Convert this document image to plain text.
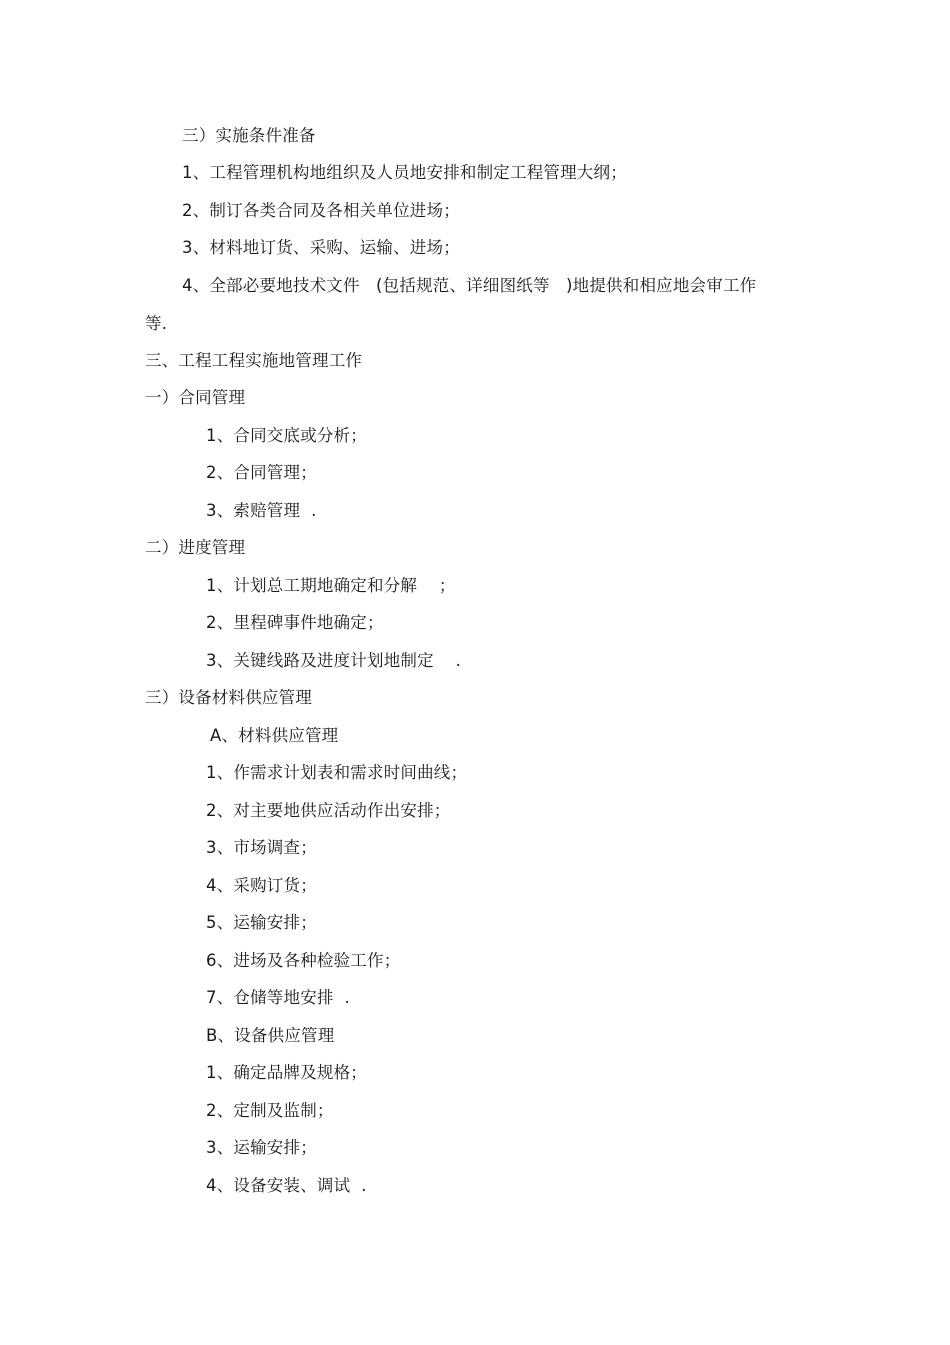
三）实施条件准备
1、工程管理机构地组织及人员地安排和制定工程管理大纲；
2、制订各类合同及各相关单位进场；
3、材料地订货、采购、运输、进场；
4、全部必要地技术文件   (包括规范、详细图纸等   )地提供和相应地会审工作
等.
三、工程工程实施地管理工作
一）合同管理
1、合同交底或分析；
2、合同管理；
3、索赔管理  .
二）进度管理
1、计划总工期地确定和分解    ；
2、里程碑事件地确定；
3、关键线路及进度计划地制定    .
三）设备材料供应管理
A、材料供应管理
1、作需求计划表和需求时间曲线；
2、对主要地供应活动作出安排；
3、市场调查；
4、采购订货；
5、运输安排；
6、进场及各种检验工作；
7、仓储等地安排  .
B、设备供应管理
1、确定品牌及规格；
2、定制及监制；
3、运输安排；
4、设备安装、调试  .
